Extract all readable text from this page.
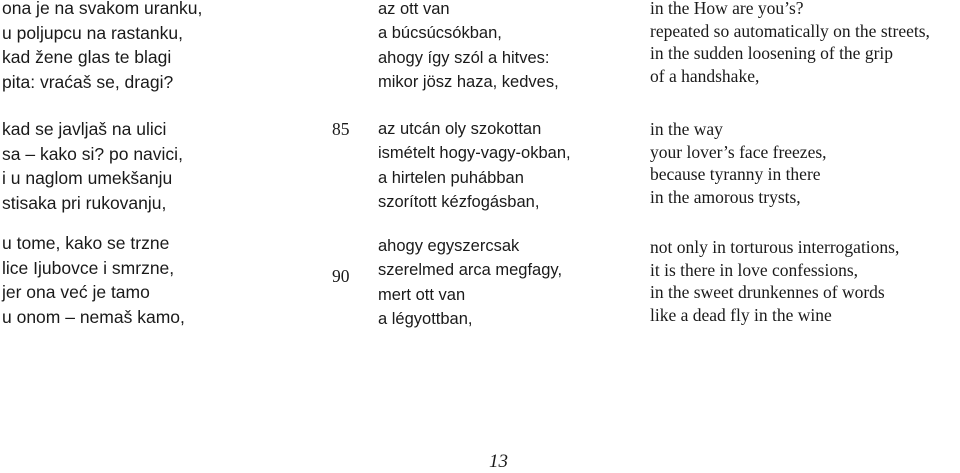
ona je na svakom uranku,
u poljupcu na rastanku,
kad žene glas te blagi
pita: vraćaš se, dragi?
kad se javljaš na ulici
sa – kako si? po navici,
i u naglom umekšanju
stisaka pri rukovanju,
u tome, kako se trzne
lice Ijubovce i smrzne,
jer ona već je tamo
u onom – nemaš kamo,
85
90
az ott van
a búcsúcsókban,
ahogy így szól a hitves:
mikor jösz haza, kedves,
az utcán oly szokottan
ismételt hogy-vagy-okban,
a hirtelen puhábban
szorított kézfogásban,
ahogy egyszercsak
szerelmed arca megfagy,
mert ott van
a légyottban,
in the How are you’s?
repeated so automatically on the streets,
in the sudden loosening of the grip
of a handshake,
in the way
your lover’s face freezes,
because tyranny in there
in the amorous trysts,
not only in torturous interrogations,
it is there in love confessions,
in the sweet drunkennes of words
like a dead fly in the wine
13
